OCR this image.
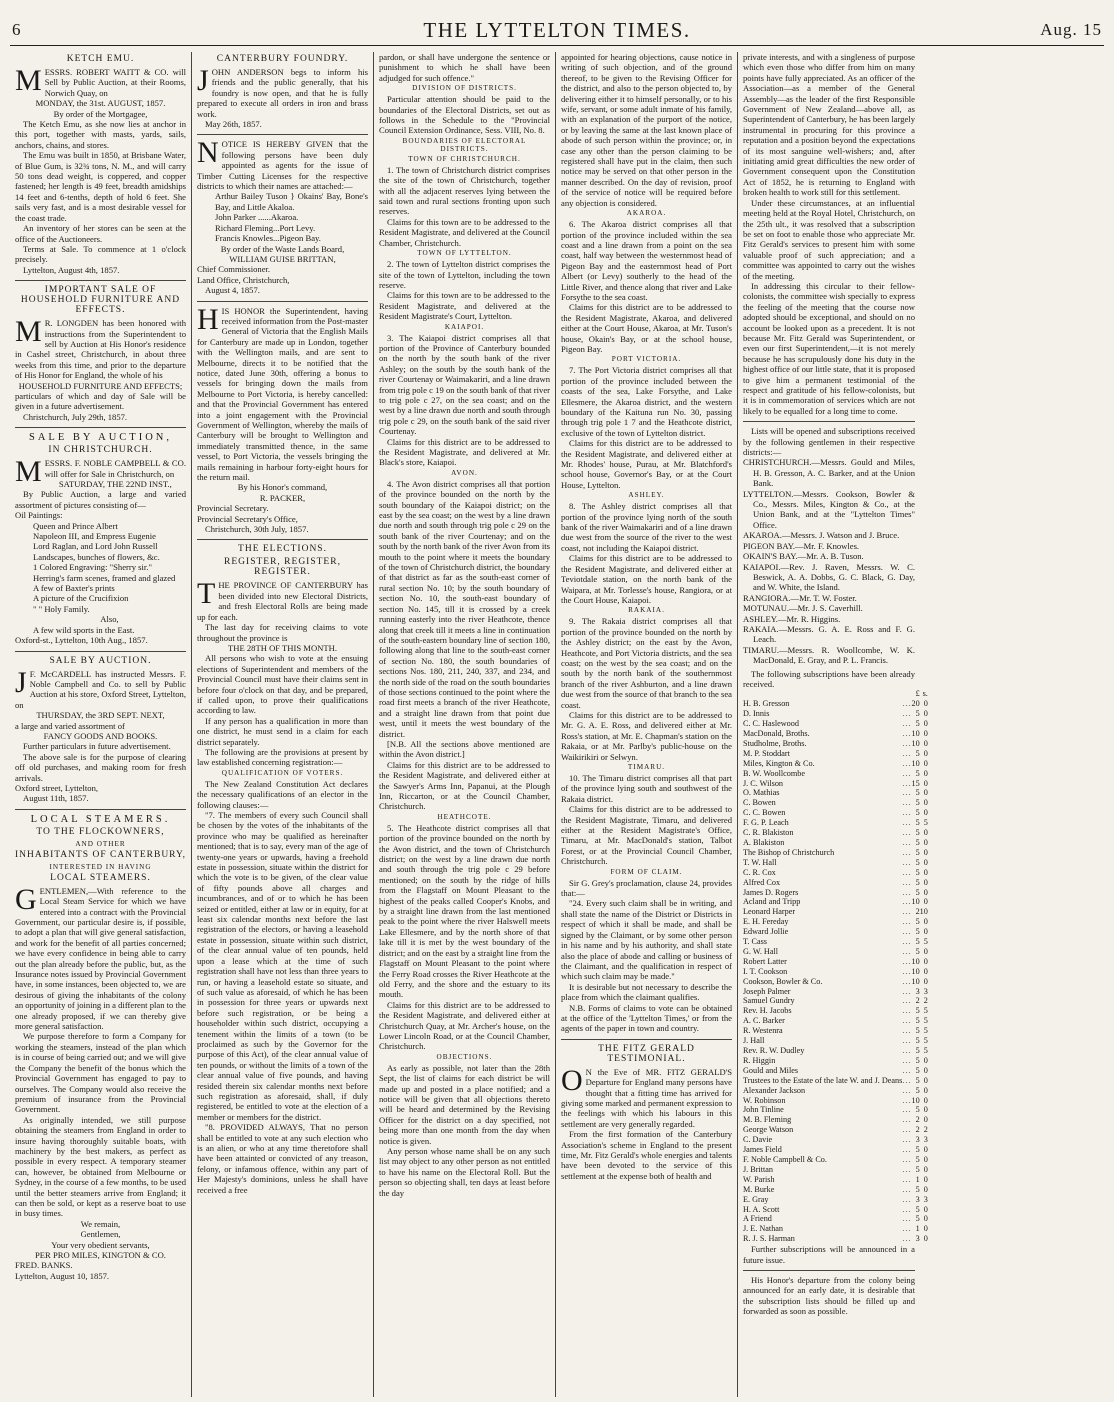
6	THE LYTTELTON TIMES.	Aug. 15
KETCH EMU.

MESSRS. ROBERT WAITT & CO. will Sell by Public Auction, at their Rooms, Norwich Quay, on

MONDAY, the 31st. AUGUST, 1857.

By order of the Mortgagee,

The Ketch Emu, as she now lies at anchor in this port, together with masts, yards, sails, anchors, chains, and stores.

The Emu was built in 1850, at Brisbane Water, of Blue Gum, is 32¾ tons, N. M., and will carry 50 tons dead weight, is coppered, and copper fastened; her length is 49 feet, breadth amidships 14 feet and 6-tenths, depth of hold 6 feet. She sails very fast, and is a most desirable vessel for the coast trade.

An inventory of her stores can be seen at the office of the Auctioneers.

Terms at Sale. To commence at 1 o'clock precisely.

Lyttelton, August 4th, 1857.

IMPORTANT SALE OF HOUSEHOLD FURNITURE AND EFFECTS.

M R. LONGDEN has been honored with instructions from the Superintendent to sell by Auction at His Honor's residence in Cashel street, Christchurch, in about three weeks from this time, and prior to the departure of His Honor for England, the whole of his

HOUSEHOLD FURNITURE AND EFFECTS;

particulars of which and day of Sale will be given in a future advertisement.

Christchurch, July 29th, 1857.

SALE BY AUCTION,
IN CHRISTCHURCH.

MESSRS. F. NOBLE CAMPBELL & CO. will offer for Sale in Christchurch, on

SATURDAY, THE 22ND INST.,

By Public Auction, a large and varied assortment of pictures consisting of—

Oil Paintings:

Queen and Prince Albert

Napoleon III, and Empress Eugenie

Lord Raglan, and Lord John Russell

Landscapes, bunches of flowers, &c.

1 Colored Engraving: "Sherry sir."

Herring's farm scenes, framed and glazed

A few of Baxter's prints

A picture of the Crucifixion

" " Holy Family.

Also,

A few wild sports in the East.

Oxford-st., Lyttelton, 10th Aug., 1857.

SALE BY AUCTION.

J F. McCARDELL has instructed Messrs. F. Noble Campbell and Co. to sell by Public Auction at his store, Oxford Street, Lyttelton, on

THURSDAY, the 3RD SEPT. NEXT,

a large and varied assortment of

FANCY GOODS AND BOOKS.

Further particulars in future advertisement.

The above sale is for the purpose of clearing off old purchases, and making room for fresh arrivals.

Oxford street, Lyttelton,

August 11th, 1857.

LOCAL STEAMERS.
TO THE FLOCKOWNERS,
AND OTHER
INHABITANTS OF CANTERBURY,
INTERESTED IN HAVING
LOCAL STEAMERS.

GENTLEMEN,—With reference to the Local Steam Service for which we have entered into a contract with the Provincial Government, our particular desire is, if possible, to adopt a plan that will give general satisfaction, and work for the benefit of all parties concerned; we have every confidence in being able to carry out the plan already before the public, but, as the Insurance notes issued by Provincial Government have, in some instances, been objected to, we are desirous of giving the inhabitants of the colony an opportunity of joining in a different plan to the one already proposed, if we can thereby give more general satisfaction.

We purpose therefore to form a Company for working the steamers, instead of the plan which is in course of being carried out; and we will give the Company the benefit of the bonus which the Provincial Government has engaged to pay to ourselves. The Company would also receive the premium of insurance from the Provincial Government.

As originally intended, we still purpose obtaining the steamers from England in order to insure having thoroughly suitable boats, with machinery by the best makers, as perfect as possible in every respect. A temporary steamer can, however, be obtained from Melbourne or Sydney, in the course of a few months, to be used until the better steamers arrive from England; it can then be sold, or kept as a reserve boat to use in busy times.

We remain,

Gentlemen,

Your very obedient servants,

PER PRO MILES, KINGTON & CO.

FRED. BANKS.

Lyttelton, August 10, 1857.

CANTERBURY FOUNDRY.

JOHN ANDERSON begs to inform his friends and the public generally, that his foundry is now open, and that he is fully prepared to execute all orders in iron and brass work.

May 26th, 1857.

NOTICE IS HEREBY GIVEN that the following persons have been duly appointed as agents for the issue of Timber Cutting Licenses for the respective districts to which their names are attached:—

Arthur Bailey Tuson } Okains' Bay, Bone's Bay, and Little Akaloa.

John Parker ......Akaroa.

Richard Fleming...Port Levy.

Francis Knowles...Pigeon Bay.

By order of the Waste Lands Board,

WILLIAM GUISE BRITTAN,

Chief Commissioner.

Land Office, Christchurch,

August 4, 1857.

HIS HONOR the Superintendent, having received information from the Post-master General of Victoria that the English Mails for Canterbury are made up in London, together with the Wellington mails, and are sent to Melbourne, directs it to be notified that the notice, dated June 30th, offering a bonus to vessels for bringing down the mails from Melbourne to Port Victoria, is hereby cancelled: and that the Provincial Government has entered into a joint engagement with the Provincial Government of Wellington, whereby the mails of Canterbury will be brought to Wellington and immediately transmitted thence, in the same vessel, to Port Victoria, the vessels bringing the mails remaining in harbour forty-eight hours for the return mail.

By his Honor's command,

R. PACKER,

Provincial Secretary.

Provincial Secretary's Office,

Christchurch, 30th July, 1857.

THE ELECTIONS.
REGISTER, REGISTER, REGISTER.

THE PROVINCE OF CANTERBURY has been divided into new Electoral Districts, and fresh Electoral Rolls are being made up for each.

The last day for receiving claims to vote throughout the province is

THE 28TH OF THIS MONTH.

All persons who wish to vote at the ensuing elections of Superintendent and members of the Provincial Council must have their claims sent in before four o'clock on that day, and be prepared, if called upon, to prove their qualifications according to law.

If any person has a qualification in more than one district, he must send in a claim for each district separately.

The following are the provisions at present by law established concerning registration:—

QUALIFICATION OF VOTERS.

The New Zealand Constitution Act declares the necessary qualifications of an elector in the following clauses:—

"7. The members of every such Council shall be chosen by the votes of the inhabitants of the province who may be qualified as hereinafter mentioned; that is to say, every man of the age of twenty-one years or upwards, having a freehold estate in possession, situate within the district for which the vote is to be given, of the clear value of fifty pounds above all charges and incumbrances, and of or to which he has been seized or entitled, either at law or in equity, for at least six calendar months next before the last registration of the electors, or having a leasehold estate in possession, situate within such district, of the clear annual value of ten pounds, held upon a lease which at the time of such registration shall have not less than three years to run, or having a leasehold estate so situate, and of such value as aforesaid, of which he has been in possession for three years or upwards next before such registration, or be being a householder within such district, occupying a tenement within the limits of a town (to be proclaimed as such by the Governor for the purpose of this Act), of the clear annual value of ten pounds, or without the limits of a town of the clear annual value of five pounds, and having resided therein six calendar months next before such registration as aforesaid, shall, if duly registered, be entitled to vote at the election of a member or members for the district.

"8. PROVIDED ALWAYS, That no person shall be entitled to vote at any such election who is an alien, or who at any time theretofore shall have been attainted or convicted of any treason, felony, or infamous offence, within any part of Her Majesty's dominions, unless he shall have received a free

pardon, or shall have undergone the sentence or punishment to which he shall have been adjudged for such offence."

DIVISION OF DISTRICTS.

Particular attention should be paid to the boundaries of the Electoral Districts, set out as follows in the Schedule to the "Provincial Council Extension Ordinance, Sess. VIII, No. 8.

BOUNDARIES OF ELECTORAL DISTRICTS.
TOWN OF CHRISTCHURCH.

1. The town of Christchurch district comprises the site of the town of Christchurch, together with all the adjacent reserves lying between the said town and rural sections fronting upon such reserves.

Claims for this town are to be addressed to the Resident Magistrate, and delivered at the Council Chamber, Christchurch.

TOWN OF LYTTELTON.

2. The town of Lyttelton district comprises the site of the town of Lyttelton, including the town reserve.

Claims for this town are to be addressed to the Resident Magistrate, and delivered at the Resident Magistrate's Court, Lyttelton.

KAIAPOI.

3. The Kaiapoi district comprises all that portion of the Province of Canterbury bounded on the north by the south bank of the river Ashley; on the south by the south bank of the river Courtenay or Waimakariri, and a line drawn from trig pole c 19 on the south bank of that river to trig pole c 27, on the sea coast; and on the west by a line drawn due north and south through trig pole c 29, on the south bank of the said river Courtenay.

Claims for this district are to be addressed to the Resident Magistrate, and delivered at Mr. Black's store, Kaiapoi.

AVON.

4. The Avon district comprises all that portion of the province bounded on the north by the south boundary of the Kaiapoi district; on the east by the sea coast; on the west by a line drawn due north and south through trig pole c 29 on the south bank of the river Courtenay; and on the south by the north bank of the river Avon from its mouth to the point where it meets the boundary of the town of Christchurch district, the boundary of that district as far as the south-east corner of rural section No. 10; by the south boundary of section No. 10, the south-east boundary of section No. 145, till it is crossed by a creek running easterly into the river Heathcote, thence along that creek till it meets a line in continuation of the south-eastern boundary line of section 180, following along that line to the south-east corner of section No. 180, the south boundaries of sections Nos. 180, 211, 240, 337, and 234, and the north side of the road on the south boundaries of those sections continued to the point where the road first meets a branch of the river Heathcote, and a straight line drawn from that point due west, until it meets the west boundary of the district.

[N.B. All the sections above mentioned are within the Avon district.]

Claims for this district are to be addressed to the Resident Magistrate, and delivered either at the Sawyer's Arms Inn, Papanui, at the Plough Inn, Riccarton, or at the Council Chamber, Christchurch.

HEATHCOTE.

5. The Heathcote district comprises all that portion of the province bounded on the north by the Avon district, and the town of Christchurch district; on the west by a line drawn due north and south through the trig pole c 29 before mentioned; on the south by the ridge of hills from the Flagstaff on Mount Pleasant to the highest of the peaks called Cooper's Knobs, and by a straight line drawn from the last mentioned peak to the point where the river Halswell meets Lake Ellesmere, and by the north shore of that lake till it is met by the west boundary of the district; and on the east by a straight line from the Flagstaff on Mount Pleasant to the point where the Ferry Road crosses the River Heathcote at the old Ferry, and the shore and the estuary to its mouth.

Claims for this district are to be addressed to the Resident Magistrate, and delivered either at Christchurch Quay, at Mr. Archer's house, on the Lower Lincoln Road, or at the Council Chamber, Christchurch.

OBJECTIONS.

As early as possible, not later than the 28th Sept, the list of claims for each district be will made up and posted in a place notified; and a notice will be given that all objections thereto will be heard and determined by the Revising Officer for the district on a day specified, not being more than one month from the day when notice is given.

Any person whose name shall be on any such list may object to any other person as not entitled to have his name on the Electoral Roll. But the person so objecting shall, ten days at least before the day

appointed for hearing objections, cause notice in writing of such objection, and of the ground thereof, to be given to the Revising Officer for the district, and also to the person objected to, by delivering either it to himself personally, or to his wife, servant, or some adult inmate of his family, with an explanation of the purport of the notice, or by leaving the same at the last known place of abode of such person within the province; or, in case any other than the person claiming to be registered shall have put in the claim, then such notice may be served on that other person in the manner described. On the day of revision, proof of the service of notice will be required before any objection is considered.

AKAROA.

6. The Akaroa district comprises all that portion of the province included within the sea coast and a line drawn from a point on the sea coast, half way between the westernmost head of Pigeon Bay and the easternmost head of Port Albert (or Levy) southerly to the head of the Little River, and thence along that river and Lake Forsythe to the sea coast.

Claims for this district are to be addressed to the Resident Magistrate, Akaroa, and delivered either at the Court House, Akaroa, at Mr. Tuson's house, Okain's Bay, or at the school house, Pigeon Bay.

PORT VICTORIA.

7. The Port Victoria district comprises all that portion of the province included between the coasts of the sea, Lake Forsythe, and Lake Ellesmere, the Akaroa district, and the western boundary of the Kaituna run No. 30, passing through trig pole 1 7 and the Heathcote district, exclusive of the town of Lyttelton district.

Claims for this district are to be addressed to the Resident Magistrate, and delivered either at Mr. Rhodes' house, Purau, at Mr. Blatchford's school house, Governor's Bay, or at the Court House, Lyttelton.

ASHLEY.

8. The Ashley district comprises all that portion of the province lying north of the south bank of the river Waimakariri and of a line drawn due west from the source of the river to the west coast, not including the Kaiapoi district.

Claims for this district are to be addressed to the Resident Magistrate, and delivered either at Teviotdale station, on the north bank of the Waipara, at Mr. Torlesse's house, Rangiora, or at the Court House, Kaiapoi.

RAKAIA.

9. The Rakaia district comprises all that portion of the province bounded on the north by the Ashley district; on the east by the Avon, Heathcote, and Port Victoria districts, and the sea coast; on the west by the sea coast; and on the south by the north bank of the southernmost branch of the river Ashburton, and a line drawn due west from the source of that branch to the sea coast.

Claims for this district are to be addressed to Mr. G. A. E. Ross, and delivered either at Mr. Ross's station, at Mr. E. Chapman's station on the Rakaia, or at Mr. Parlby's public-house on the Waikirikiri or Selwyn.

TIMARU.

10. The Timaru district comprises all that part of the province lying south and southwest of the Rakaia district.

Claims for this district are to be addressed to the Resident Magistrate, Timaru, and delivered either at the Resident Magistrate's Office, Timaru, at Mr. MacDonald's station, Talbot Forest, or at the Provincial Council Chamber, Christchurch.

FORM OF CLAIM.

Sir G. Grey's proclamation, clause 24, provides that:—

"24. Every such claim shall be in writing, and shall state the name of the District or Districts in respect of which it shall be made, and shall be signed by the Claimant, or by some other person in his name and by his authority, and shall state also the place of abode and calling or business of the Claimant, and the qualification in respect of which such claim may be made."

It is desirable but not necessary to describe the place from which the claimant qualifies.

N.B. Forms of claims to vote can be obtained at the office of the 'Lyttelton Times,' or from the agents of the paper in town and country.

THE FITZ GERALD TESTIMONIAL.

O N the Eve of MR. FITZ GERALD'S Departure for England many persons have thought that a fitting time has arrived for giving some marked and permanent expression to the feelings with which his labours in this settlement are very generally regarded.

From the first formation of the Canterbury Association's scheme in England to the present time, Mr. Fitz Gerald's whole energies and talents have been devoted to the service of this settlement at the expense both of health and

private interests, and with a singleness of purpose which even those who differ from him on many points have fully appreciated. As an officer of the Association—as a member of the General Assembly—as the leader of the first Responsible Government of New Zealand—above all, as Superintendent of Canterbury, he has been largely instrumental in procuring for this province a reputation and a position beyond the expectations of its most sanguine well-wishers; and, after initiating amid great difficulties the new order of Government consequent upon the Constitution Act of 1852, he is returning to England with broken health to work still for this settlement.

Under these circumstances, at an influential meeting held at the Royal Hotel, Christchurch, on the 25th ult., it was resolved that a subscription be set on foot to enable those who appreciate Mr. Fitz Gerald's services to present him with some valuable proof of such appreciation; and a committee was appointed to carry out the wishes of the meeting.

In addressing this circular to their fellow-colonists, the committee wish specially to express the feeling of the meeting that the course now adopted should be exceptional, and should on no account be looked upon as a precedent. It is not because Mr. Fitz Gerald was Superintendent, or even our first Superintendent,—it is not merely because he has scrupulously done his duty in the highest office of our little state, that it is proposed to give him a permanent testimonial of the respect and gratitude of his fellow-colonists, but it is in commemoration of services which are not likely to be equalled for a long time to come.

Lists will be opened and subscriptions received by the following gentlemen in their respective districts:—

CHRISTCHURCH.—Messrs. Gould and Miles, H. B. Gresson, A. C. Barker, and at the Union Bank.

LYTTELTON.—Messrs. Cookson, Bowler & Co., Messrs. Miles, Kington & Co., at the Union Bank, and at the "Lyttelton Times" Office.

AKAROA.—Messrs. J. Watson and J. Bruce.

PIGEON BAY.—Mr. F. Knowles.

OKAIN'S BAY.—Mr. A. B. Tuson.

KAIAPOI.—Rev. J. Raven, Messrs. W. C. Beswick, A. A. Dobbs, G. C. Black, G. Day, and W. White, the Island.

RANGIORA.—Mr. T. W. Foster.

MOTUNAU.—Mr. J. S. Caverhill.

ASHLEY.—Mr. R. Higgins.

RAKAIA.—Messrs. G. A. E. Ross and F. G. Leach.

TIMARU.—Messrs. R. Woollcombe, W. K. MacDonald, E. Gray, and P. L. Francis.

The following subscriptions have been already received.

		£	s.
H. B. Gresson	...	20	0
D. Innis	...	5	0
C. C. Haslewood	...	5	0
MacDonald, Broths.	...	10	0
Studholme, Broths.	...	10	0
M. P. Stoddart	...	5	0
Miles, Kington & Co.	...	10	0
B. W. Woollcombe	...	5	0
J. C. Wilson	...	15	0
O. Mathias	...	5	0
C. Bowen	...	5	0
C. C. Bowen	...	5	0
F. G. P. Leach	...	5	5
C. R. Blakiston	...	5	0
A. Blakiston	...	5	0
The Bishop of Christchurch	...	5	0
T. W. Hall	...	5	0
C. R. Cox	...	5	0
Alfred Cox	...	5	0
James D. Rogers	...	5	0
Acland and Tripp	...	10	0
Leonard Harper	...	2	10
E. H. Fereday	...	5	0
Edward Jollie	...	5	0
T. Cass	...	5	5
G. W. Hall	...	5	0
Robert Latter	...	10	0
I. T. Cookson	...	10	0
Cookson, Bowler & Co.	...	10	0
Joseph Palmer	...	3	3
Samuel Gundry	...	2	2
Rev. H. Jacobs	...	5	5
A. C. Barker	...	5	5
R. Westenra	...	5	5
J. Hall	...	5	5
Rev. R. W. Dudley	...	5	5
R. Higgin	...	5	0
Gould and Miles	...	5	0
Trustees to the Estate of the late W. and J. Deans	...	5	0
Alexander Jackson	...	5	0
W. Robinson	...	10	0
John Tinline	...	5	0
M. B. Fleming	...	2	0
George Watson	...	2	2
C. Davie	...	3	3
James Field	...	5	0
F. Noble Campbell & Co.	...	5	0
J. Brittan	...	5	0
W. Parish	...	1	0
M. Burke	...	5	0
E. Gray	...	3	3
H. A. Scott	...	5	0
A Friend	...	5	0
J. E. Nathan	...	1	0
R. J. S. Harman	...	3	0

Further subscriptions will be announced in a future issue.

His Honor's departure from the colony being announced for an early date, it is desirable that the subscription lists should be filled up and forwarded as soon as possible.
